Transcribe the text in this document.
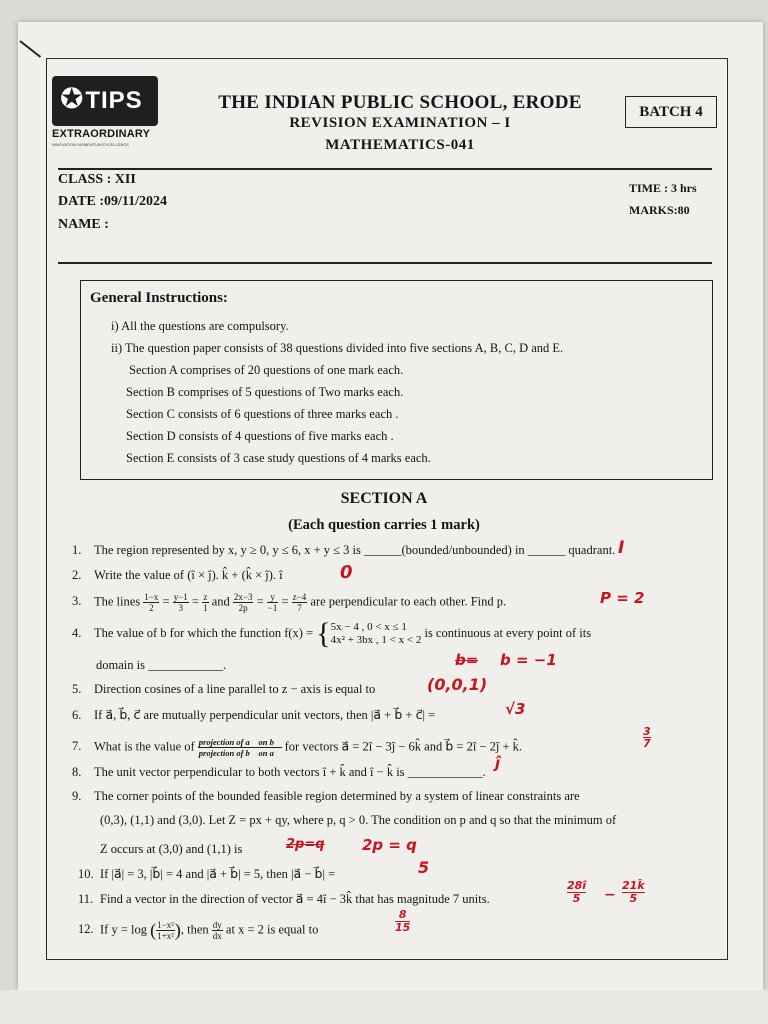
✪ TIPS
EXTRAORDINARY
INNOVATION MOMENTUM EXCELLENCE
THE INDIAN PUBLIC SCHOOL, ERODE
REVISION EXAMINATION – I
MATHEMATICS-041
BATCH 4
CLASS : XII
DATE :09/11/2024
NAME :
TIME : 3 hrs
MARKS:80
General Instructions:
i) All the questions are compulsory.
ii) The question paper consists of 38 questions divided into five sections A, B, C, D and E.
Section A comprises of 20 questions of one mark each.
Section B comprises of 5 questions of Two marks each.
Section C consists of 6 questions of three marks each .
Section D consists of 4 questions of five marks each .
Section E consists of 3 case study questions of 4 marks each.
SECTION A
(Each question carries 1 mark)
1. The region represented by x, y ≥ 0, y ≤ 6, x + y ≤ 3 is ______(bounded/unbounded) in ______ quadrant. I
2. Write the value of (î × ĵ). k̂ + (k̂ × ĵ). î	0
3. The lines $\frac{1-x}{2} = \frac{y-1}{3} = \frac{z}{1}$ and $\frac{2x-3}{2p} = \frac{y}{-1} = \frac{z-4}{7}$ are perpendicular to each other. Find p.	P = 2
4. The value of b for which the function f(x) = { 5x − 4 , 0 < x ≤ 1
4x² + 3bx , 1 < x < 2
is continuous at every point of its
domain is ____________.	b= b = −1
5. Direction cosines of a line parallel to z − axis is equal to	(0,0,1)
6. If a⃗, b⃗, c⃗ are mutually perpendicular unit vectors, then |a⃗ + b⃗ + c⃗| =	√3
7. What is the value of $\frac{\text{projection of a⃗ on b⃗}}{\text{projection of b⃗ on a⃗}}$ for vectors a⃗ = 2î − 3ĵ − 6k̂ and b⃗ = 2î − 2ĵ + k̂.
3
7
8. The unit vector perpendicular to both vectors î + k̂ and î − k̂ is ____________. ĵ
9. The corner points of the bounded feasible region determined by a system of linear constraints are
(0,3), (1,1) and (3,0). Let Z = px + qy, where p, q > 0. The condition on p and q so that the minimum of
Z occurs at (3,0) and (1,1) is	2p=q 2p = q
10. If |a⃗| = 3, |b⃗| = 4 and |a⃗ + b⃗| = 5, then |a⃗ − b⃗| =	5
11. Find a vector in the direction of vector a⃗ = 4î − 3k̂ that has magnitude 7 units.
28î
5	−
21k̂
5
12. If y = log ( $\frac{\text{1−x²}}{\text{1+x²}}$ ), then $\frac{dy}{dx}$ at x = 2 is equal to
8
15
